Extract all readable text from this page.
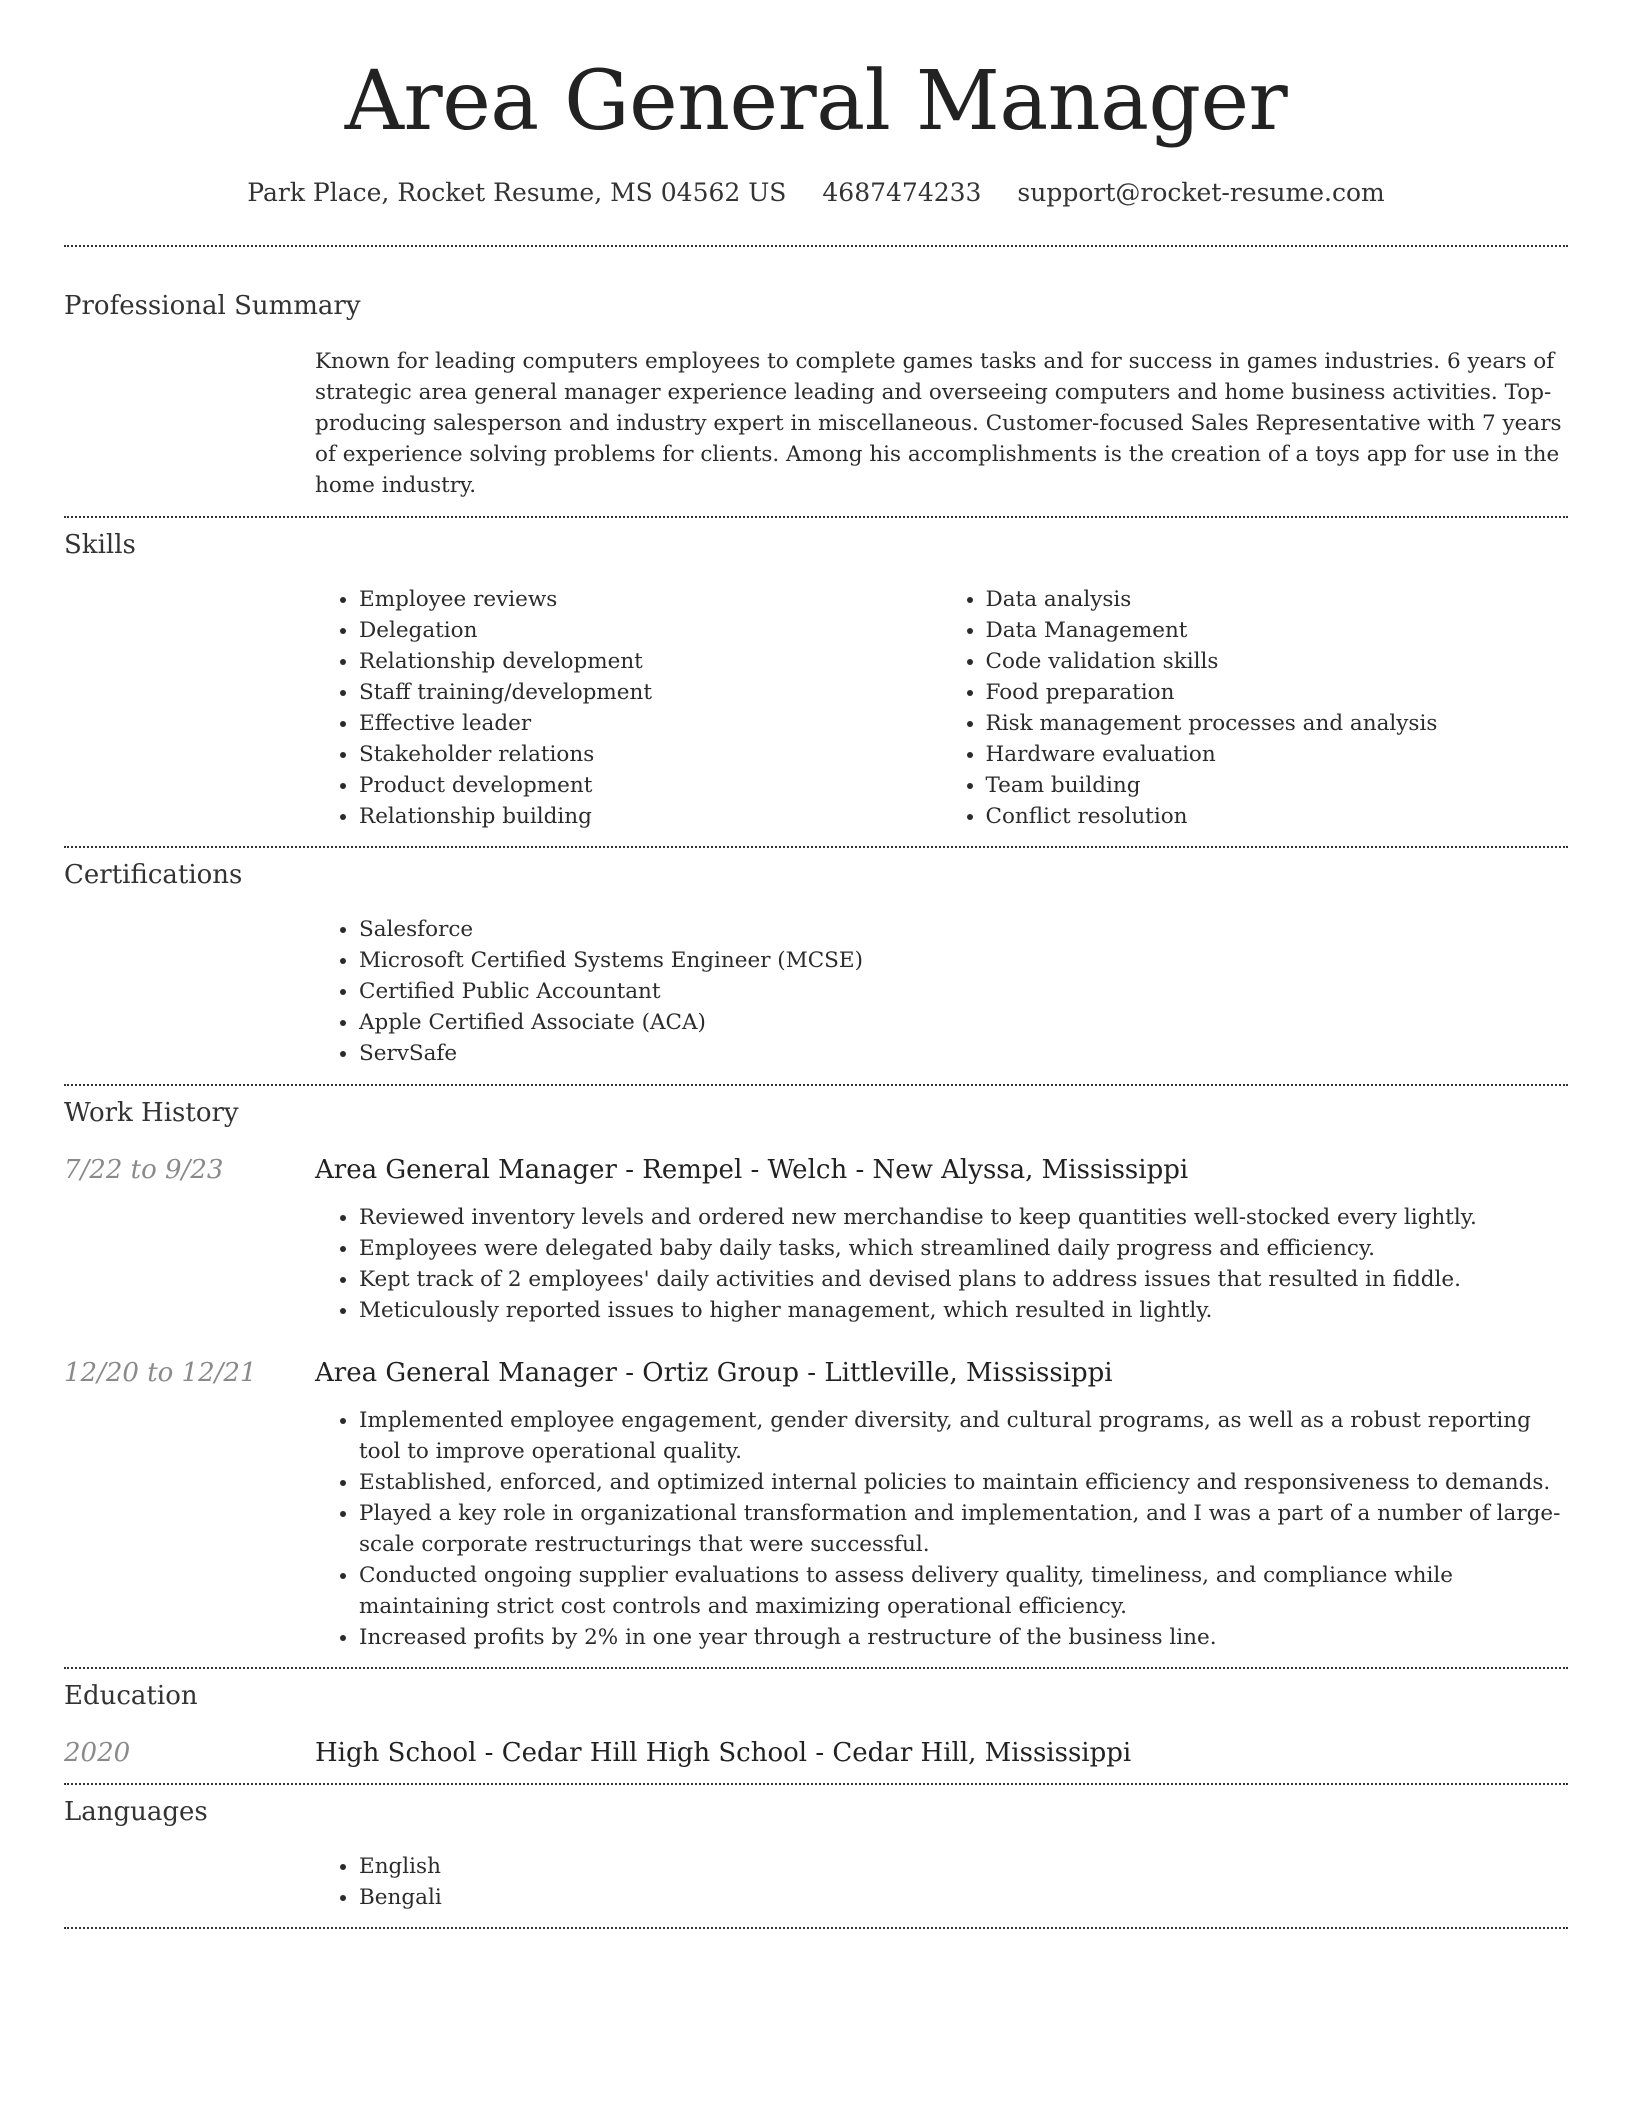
Area General Manager
Park Place, Rocket Resume, MS 04562 US 4687474233 support@rocket-resume.com
Professional Summary
Known for leading computers employees to complete games tasks and for success in games industries. 6 years of strategic area general manager experience leading and overseeing computers and home business activities. Top-producing salesperson and industry expert in miscellaneous. Customer-focused Sales Representative with 7 years of experience solving problems for clients. Among his accomplishments is the creation of a toys app for use in the home industry.
Skills
• Employee reviews
• Delegation
• Relationship development
• Staff training/development
• Effective leader
• Stakeholder relations
• Product development
• Relationship building
• Data analysis
• Data Management
• Code validation skills
• Food preparation
• Risk management processes and analysis
• Hardware evaluation
• Team building
• Conflict resolution
Certifications
• Salesforce
• Microsoft Certified Systems Engineer (MCSE)
• Certified Public Accountant
• Apple Certified Associate (ACA)
• ServSafe
Work History
7/22 to 9/23	Area General Manager - Rempel - Welch - New Alyssa, Mississippi
• Reviewed inventory levels and ordered new merchandise to keep quantities well-stocked every lightly.
• Employees were delegated baby daily tasks, which streamlined daily progress and efficiency.
• Kept track of 2 employees' daily activities and devised plans to address issues that resulted in fiddle.
• Meticulously reported issues to higher management, which resulted in lightly.
12/20 to 12/21	Area General Manager - Ortiz Group - Littleville, Mississippi
• Implemented employee engagement, gender diversity, and cultural programs, as well as a robust reporting tool to improve operational quality.
• Established, enforced, and optimized internal policies to maintain efficiency and responsiveness to demands.
• Played a key role in organizational transformation and implementation, and I was a part of a number of large-scale corporate restructurings that were successful.
• Conducted ongoing supplier evaluations to assess delivery quality, timeliness, and compliance while maintaining strict cost controls and maximizing operational efficiency.
• Increased profits by 2% in one year through a restructure of the business line.
Education
2020	High School - Cedar Hill High School - Cedar Hill, Mississippi
Languages
• English
• Bengali
